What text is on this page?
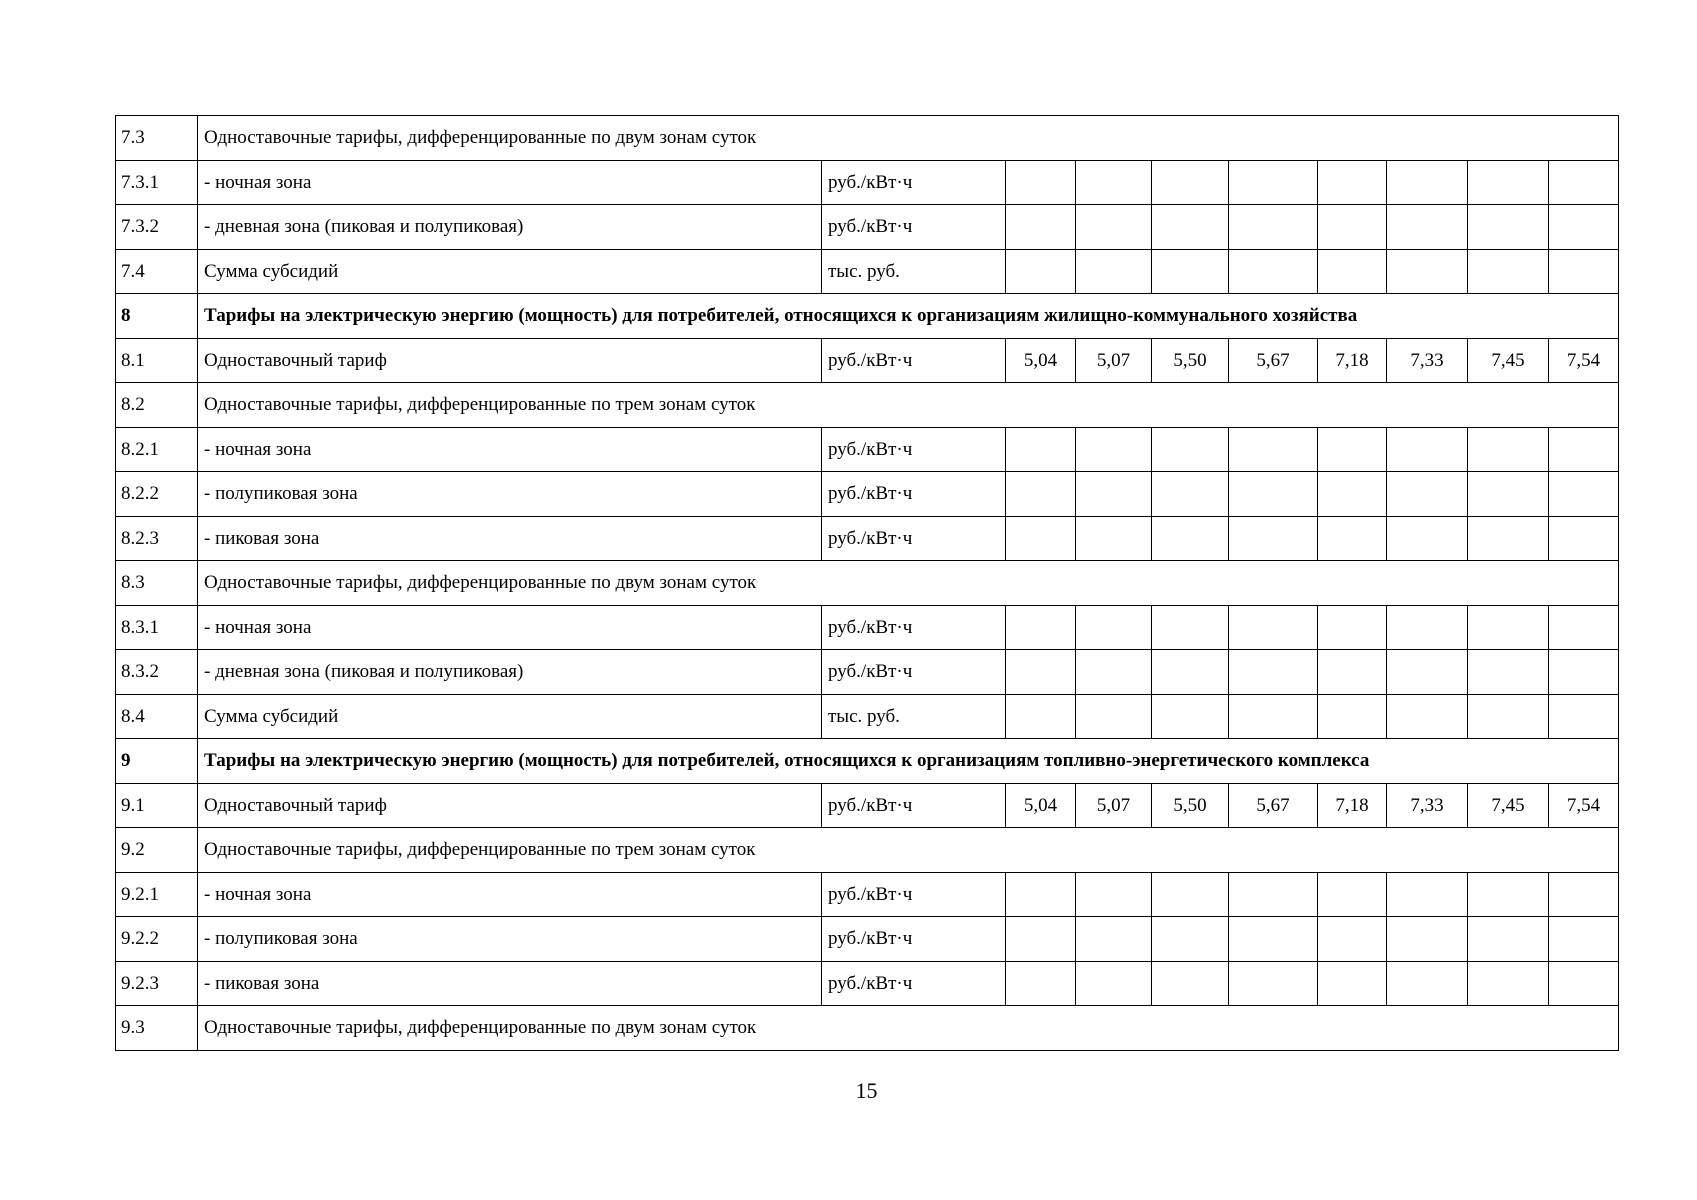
7.3	Одноставочные тарифы, дифференцированные по двум зонам суток									
7.3.1	- ночная зона	руб./кВт·ч								
7.3.2	- дневная зона (пиковая и полупиковая)	руб./кВт·ч								
7.4	Сумма субсидий	тыс. руб.								
8	Тарифы на электрическую энергию (мощность) для потребителей, относящихся к организациям жилищно-коммунального хозяйства									
8.1	Одноставочный тариф	руб./кВт·ч	5,04	5,07	5,50	5,67	7,18	7,33	7,45	7,54
8.2	Одноставочные тарифы, дифференцированные по трем зонам суток									
8.2.1	- ночная зона	руб./кВт·ч								
8.2.2	- полупиковая зона	руб./кВт·ч								
8.2.3	- пиковая зона	руб./кВт·ч								
8.3	Одноставочные тарифы, дифференцированные по двум зонам суток									
8.3.1	- ночная зона	руб./кВт·ч								
8.3.2	- дневная зона (пиковая и полупиковая)	руб./кВт·ч								
8.4	Сумма субсидий	тыс. руб.								
9	Тарифы на электрическую энергию (мощность) для потребителей, относящихся к организациям топливно-энергетического комплекса									
9.1	Одноставочный тариф	руб./кВт·ч	5,04	5,07	5,50	5,67	7,18	7,33	7,45	7,54
9.2	Одноставочные тарифы, дифференцированные по трем зонам суток									
9.2.1	- ночная зона	руб./кВт·ч								
9.2.2	- полупиковая зона	руб./кВт·ч								
9.2.3	- пиковая зона	руб./кВт·ч								
9.3	Одноставочные тарифы, дифференцированные по двум зонам суток									
15
